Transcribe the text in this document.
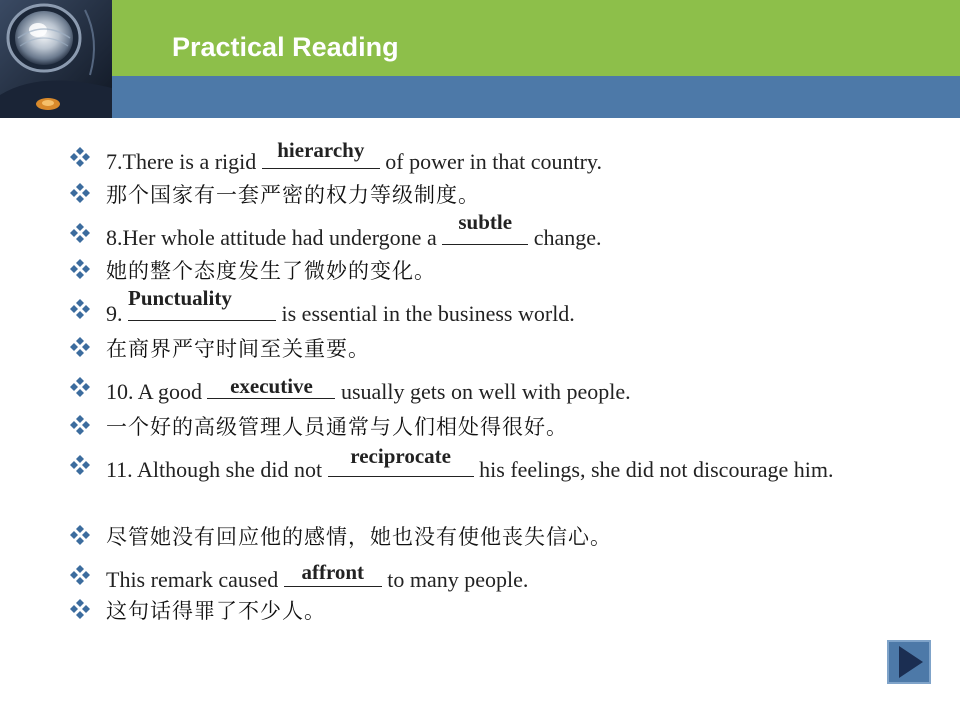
Practical Reading
7.There is a rigid hierarchy of power in that country.
那个国家有一套严密的权力等级制度。
8.Her whole attitude had undergone a
subtle
change.
她的整个态度发生了微妙的变化。
9.
Punctuality
is essential in the business world.
在商界严守时间至关重要。
10. A good	executive	usually gets on well with people.
一个好的高级管理人员通常与人们相处得很好。
11. Although she did not
reciprocate
his feelings, she did not discourage him.
尽管她没有回应他的感情，她也没有使他丧失信心。
This remark caused affront to many people.
这句话得罪了不少人。
